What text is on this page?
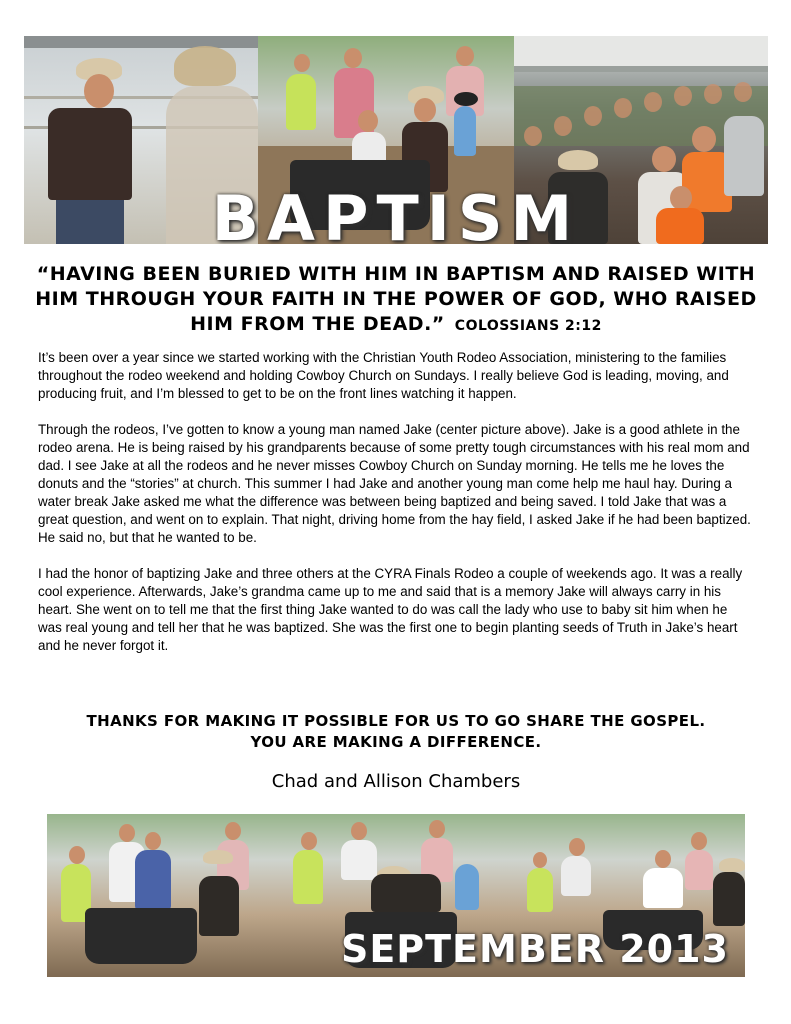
BAPTISM
“HAVING BEEN BURIED WITH HIM IN BAPTISM AND RAISED WITH HIM THROUGH YOUR FAITH IN THE POWER OF GOD, WHO RAISED HIM FROM THE DEAD.” COLOSSIANS 2:12

It’s been over a year since we started working with the Christian Youth Rodeo Association, ministering to the families throughout the rodeo weekend and holding Cowboy Church on Sundays. I really believe God is leading, moving, and producing fruit, and I’m blessed to get to be on the front lines watching it happen.

Through the rodeos, I’ve gotten to know a young man named Jake (center picture above). Jake is a good athlete in the rodeo arena. He is being raised by his grandparents because of some pretty tough circumstances with his real mom and dad. I see Jake at all the rodeos and he never misses Cowboy Church on Sunday morning. He tells me he loves the donuts and the “stories” at church. This summer I had Jake and another young man come help me haul hay. During a water break Jake asked me what the difference was between being baptized and being saved. I told Jake that was a great question, and went on to explain. That night, driving home from the hay field, I asked Jake if he had been baptized. He said no, but that he wanted to be.

I had the honor of baptizing Jake and three others at the CYRA Finals Rodeo a couple of weekends ago. It was a really cool experience. Afterwards, Jake’s grandma came up to me and said that is a memory Jake will always carry in his heart. She went on to tell me that the first thing Jake wanted to do was call the lady who use to baby sit him when he was real young and tell her that he was baptized. She was the first one to begin planting seeds of Truth in Jake’s heart and he never forgot it.

THANKS FOR MAKING IT POSSIBLE FOR US TO GO SHARE THE GOSPEL.
YOU ARE MAKING A DIFFERENCE.
Chad and Allison Chambers
SEPTEMBER 2013
